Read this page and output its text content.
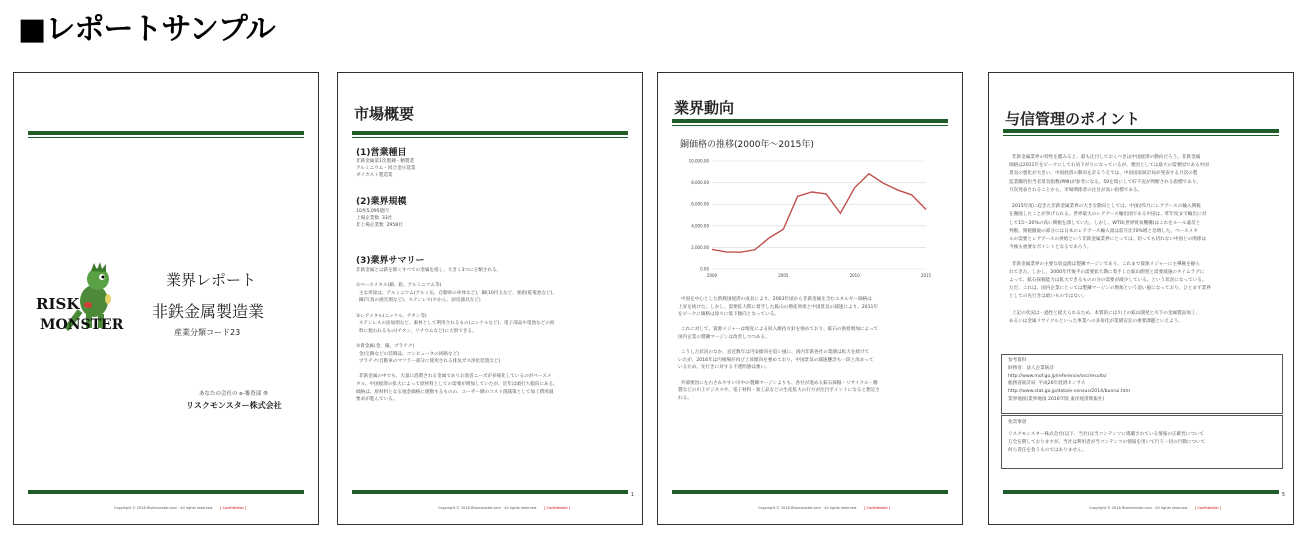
■レポートサンプル
RISK
MONSTER
業界レポート
非鉄金属製造業
産業分類コード23
あなたの会社の e-審査部 ®
リスクモンスター株式会社
Copyright © 2016 Riskmonster.com · All rights reserved. [ Confidential ]
市場概要
(1)営業種目
非鉄金属第1次製錬・精製業
アルミニウム・同合金圧延業
ダイカスト製造業
(2)業界規模
10兆5,095億円
上場企業数  33社
非上場企業数  2958社
(3)業界サマリー
非鉄金属とは鉄を除くすべての金属を指し、大きく3つに分類される。
①ベースメタル(銅、鉛、アルミニウム等)
主な用途は、アルミニウム(アルミ缶、自動車の車体など)、銅(10円玉など、亜鉛(乾電池など)、
銅(写真の感光剤など)、ステンレス(やかん、厨房器具など)
②レアメタル(ニッケル、チタン等)
ステンレスの添加剤など、素材として利用されるもの(ニッケルなど)、電子部品や電池などの原
料に使われるもの(チタン、リチウムなど)に大別できる。
③貴金属(金、銀、プラチナ)
金(宝飾などの装飾品、コンピュータの回路など)
プラチナ(自動車のマフラー部分に使用される排気ガス浄化装置など)
非鉄金属の中でも、大量に消費される金属でありお貴者ニーズが多様化しているのがベースメ
タル。中国経済の拡大によって原材料としての需要が増加していたが、近年は頭打ち傾向にある。
価格は、原材料となる地金価格に連動するものの、ユーザー側のコスト削減策として加工費用減
要求が進んでいる。
1
Copyright © 2016 Riskmonster.com · All rights reserved. [ Confidential ]
業界動向
銅価格の推移(2000年～2015年)
0.00
2,000.00
4,000.00
6,000.00
8,000.00
10,000.00
2000	2005	2010	2015
中国を中心とした新興国経済の成長により、2003年頃から非鉄金属を含むエネルギー価格は
上昇を続けた。しかし、需要拡大期に着手した鉱山の増産効果と中国景気の減速により、2011年
をピークに価格は徐々に低下傾向となっている。
これに対して、資源メジャーは増産による収入維持方針を強めており、鉱石の供給増加によって
国内企業の製錬マージンは改善しつつある。
こうした状況のなか、直近数年は円安傾向を追い風に、国内非鉄各社の業績は拡大を続けて
いたが、2016年は円相場が再び上昇傾向を強めており、中国景気の減速懸念も一段と高まって
いるため、先行きに対する不透明感は強い。
外部要因に左右されやすい川中の製錬マージンよりも、各社が進める鉱石採掘・リサイクル・精
製などの川上ビジネスや、電子材料・加工品などの生産拡大の行方が注目ポイントになると想定さ
れる。
Copyright © 2016 Riskmonster.com · All rights reserved. [ Confidential ]
与信管理のポイント
非鉄金属業界の特性を鑑みると、最も注目しておくべきは中国経済の動向だろう。非鉄金属
価格は2011年をピークにして右肩下がりになっているが、要因としては最大の需要国である中国
景気の悪化が大きい。中国経済の動向を計るうえでは、中国国家統計局が発表する月次の製
造業購買担当者景気指数(PMI)が参考になる。50を境にして好不況が判断される指標であり、
月次発表されることから、市場関係者の注目が高い指標である。
2015年度に起きた非鉄金属業界の大きな動向としては、中国が5月にレアアースの輸入関税
を撤廃したことが挙げられる。世界最大のレアアース輸出国である中国は、昨年度まで輸出に対
して15～20%の高い関税を課していた。しかし、WTO(世界貿易機構)はこれをルール違反と
判断。関税撤廃の部分には日本のレアアース輸入量は前月比70%増と急増した。ベースメタ
ルの需要とレアアースの供給という非鉄金属業界にとっては、切っても切れない中国との関係は
今後も重要なポイントとなるであろう。
非鉄金属業界の主要な収益源は製錬マージンであり、これまで資源メジャーに主導権を握ら
れてきた。しかし、2000年代後半の需要拡大期に着手した鉱山開発と需要減速のタイムラグに
よって、鉱石採掘能力は拡大できるものの分の需要が減少している。という状況になっている。
ただ、これは、国内企業にとっては製錬マージンの増加という追い風になっており、ひとまず業界
としての先行きは暗いものではない。
上記の状況は一過性と捉えられるため、本質的には川上の鉱山開発と川下の金属製品加工、
あるいは金属リサイクルといった事業への多角化が業績安定の重要課題といえよう。
参考資料
財務省：法人企業統計
http://www.mof.go.jp/reference/ssc/results/
総務省統計局  平成26年経済センサス
http://www.stat.go.jp/data/e-census/2014/bunrui.htm
業界地図(業界地図 2016年版 東洋経済新報社)
免責事項
リスクモンスター株式会社(以下、当社)は当コンテンツに掲載されている情報の正確性について
万全を期しておりますが、当社は利用者が当コンテンツの情報を用いて行う一切の行動について
何ら責任を負うものではありません。
5
Copyright © 2016 Riskmonster.com · All rights reserved. [ Confidential ]
